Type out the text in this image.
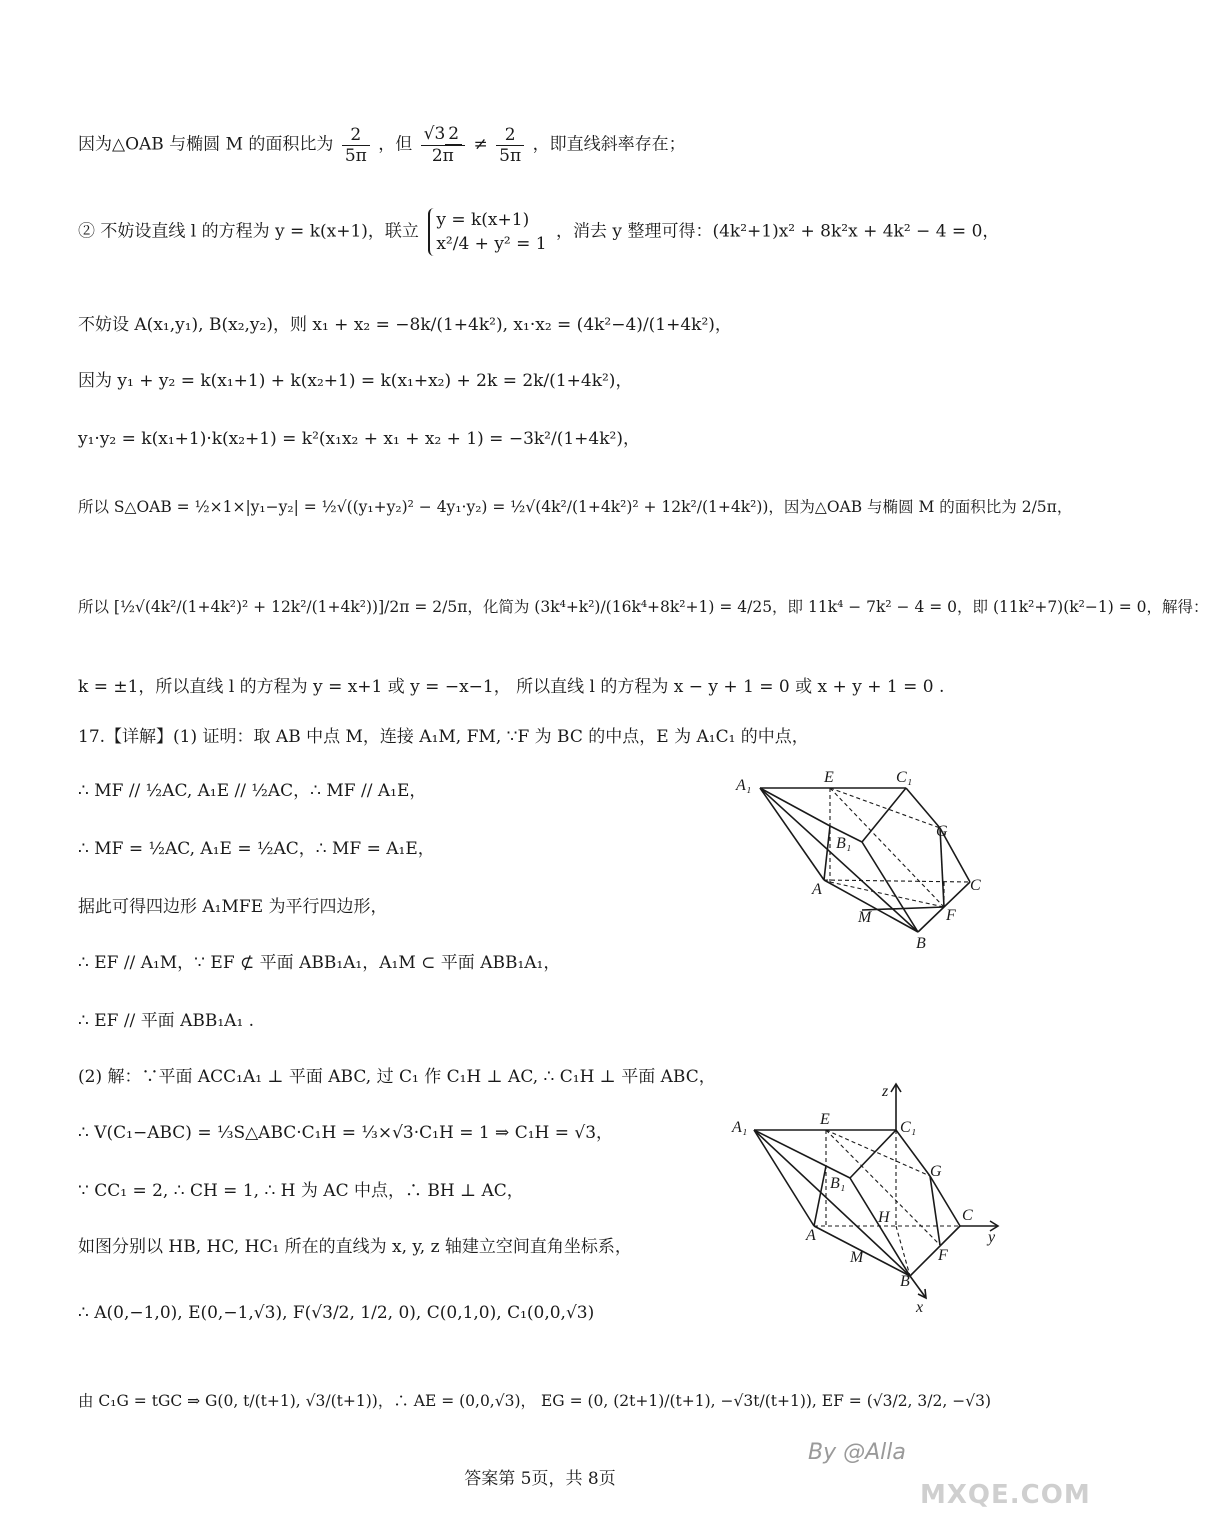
因为△OAB 与椭圆 M 的面积比为 $\frac{2}{5\pi}$ ，但 $\frac{√3 2}{2\pi} \ne \frac{2}{5\pi}$ ，即直线斜率存在；
② 不妨设直线 l 的方程为 y = k(x+1)，联立
y = k(x+1)
x²/4 + y² = 1
，消去 y 整理可得：(4k²+1)x² + 8k²x + 4k² − 4 = 0，
不妨设 A(x₁,y₁), B(x₂,y₂)，则 x₁ + x₂ = −8k/(1+4k²), x₁·x₂ = (4k²−4)/(1+4k²)，
因为 y₁ + y₂ = k(x₁+1) + k(x₂+1) = k(x₁+x₂) + 2k = 2k/(1+4k²)，
y₁·y₂ = k(x₁+1)·k(x₂+1) = k²(x₁x₂ + x₁ + x₂ + 1) = −3k²/(1+4k²)，
所以 S△OAB = ½×1×|y₁−y₂| = ½√((y₁+y₂)² − 4y₁·y₂) = ½√(4k²/(1+4k²)² + 12k²/(1+4k²))，因为△OAB 与椭圆 M 的面积比为 2/5π，
所以 [½√(4k²/(1+4k²)² + 12k²/(1+4k²))]/2π = 2/5π，化简为 (3k⁴+k²)/(16k⁴+8k²+1) = 4/25，即 11k⁴ − 7k² − 4 = 0，即 (11k²+7)(k²−1) = 0，解得：
k = ±1，所以直线 l 的方程为 y = x+1 或 y = −x−1， 所以直线 l 的方程为 x − y + 1 = 0 或 x + y + 1 = 0 .
17.【详解】(1) 证明：取 AB 中点 M，连接 A₁M, FM, ∵F 为 BC 的中点，E 为 A₁C₁ 的中点，
∴ MF // ½AC, A₁E // ½AC，∴ MF // A₁E，
∴ MF = ½AC, A₁E = ½AC，∴ MF = A₁E，
据此可得四边形 A₁MFE 为平行四边形，
∴ EF // A₁M，∵ EF ⊄ 平面 ABB₁A₁，A₁M ⊂ 平面 ABB₁A₁，
∴ EF // 平面 ABB₁A₁ .
(2) 解：∵平面 ACC₁A₁ ⊥ 平面 ABC, 过 C₁ 作 C₁H ⊥ AC, ∴ C₁H ⊥ 平面 ABC，
∴ V(C₁−ABC) = ⅓S△ABC·C₁H = ⅓×√3·C₁H = 1 ⇒ C₁H = √3，
∵ CC₁ = 2, ∴ CH = 1, ∴ H 为 AC 中点，∴ BH ⊥ AC，
如图分别以 HB, HC, HC₁ 所在的直线为 x, y, z 轴建立空间直角坐标系，
∴ A(0,−1,0), E(0,−1,√3), F(√3/2, 1/2, 0), C(0,1,0), C₁(0,0,√3)
由 C₁G = tGC ⇒ G(0, t/(t+1), √3/(t+1))，∴ AE = (0,0,√3)， EG = (0, (2t+1)/(t+1), −√3t/(t+1)), EF = (√3/2, 3/2, −√3)
A₁	E	C₁
B₁
G
A	C
M	F
B
z
A₁	E	C₁
B₁
G
H
A
C
y
M	F
B
x
By @Alla
MXQE.COM
答案第 5页，共 8页
